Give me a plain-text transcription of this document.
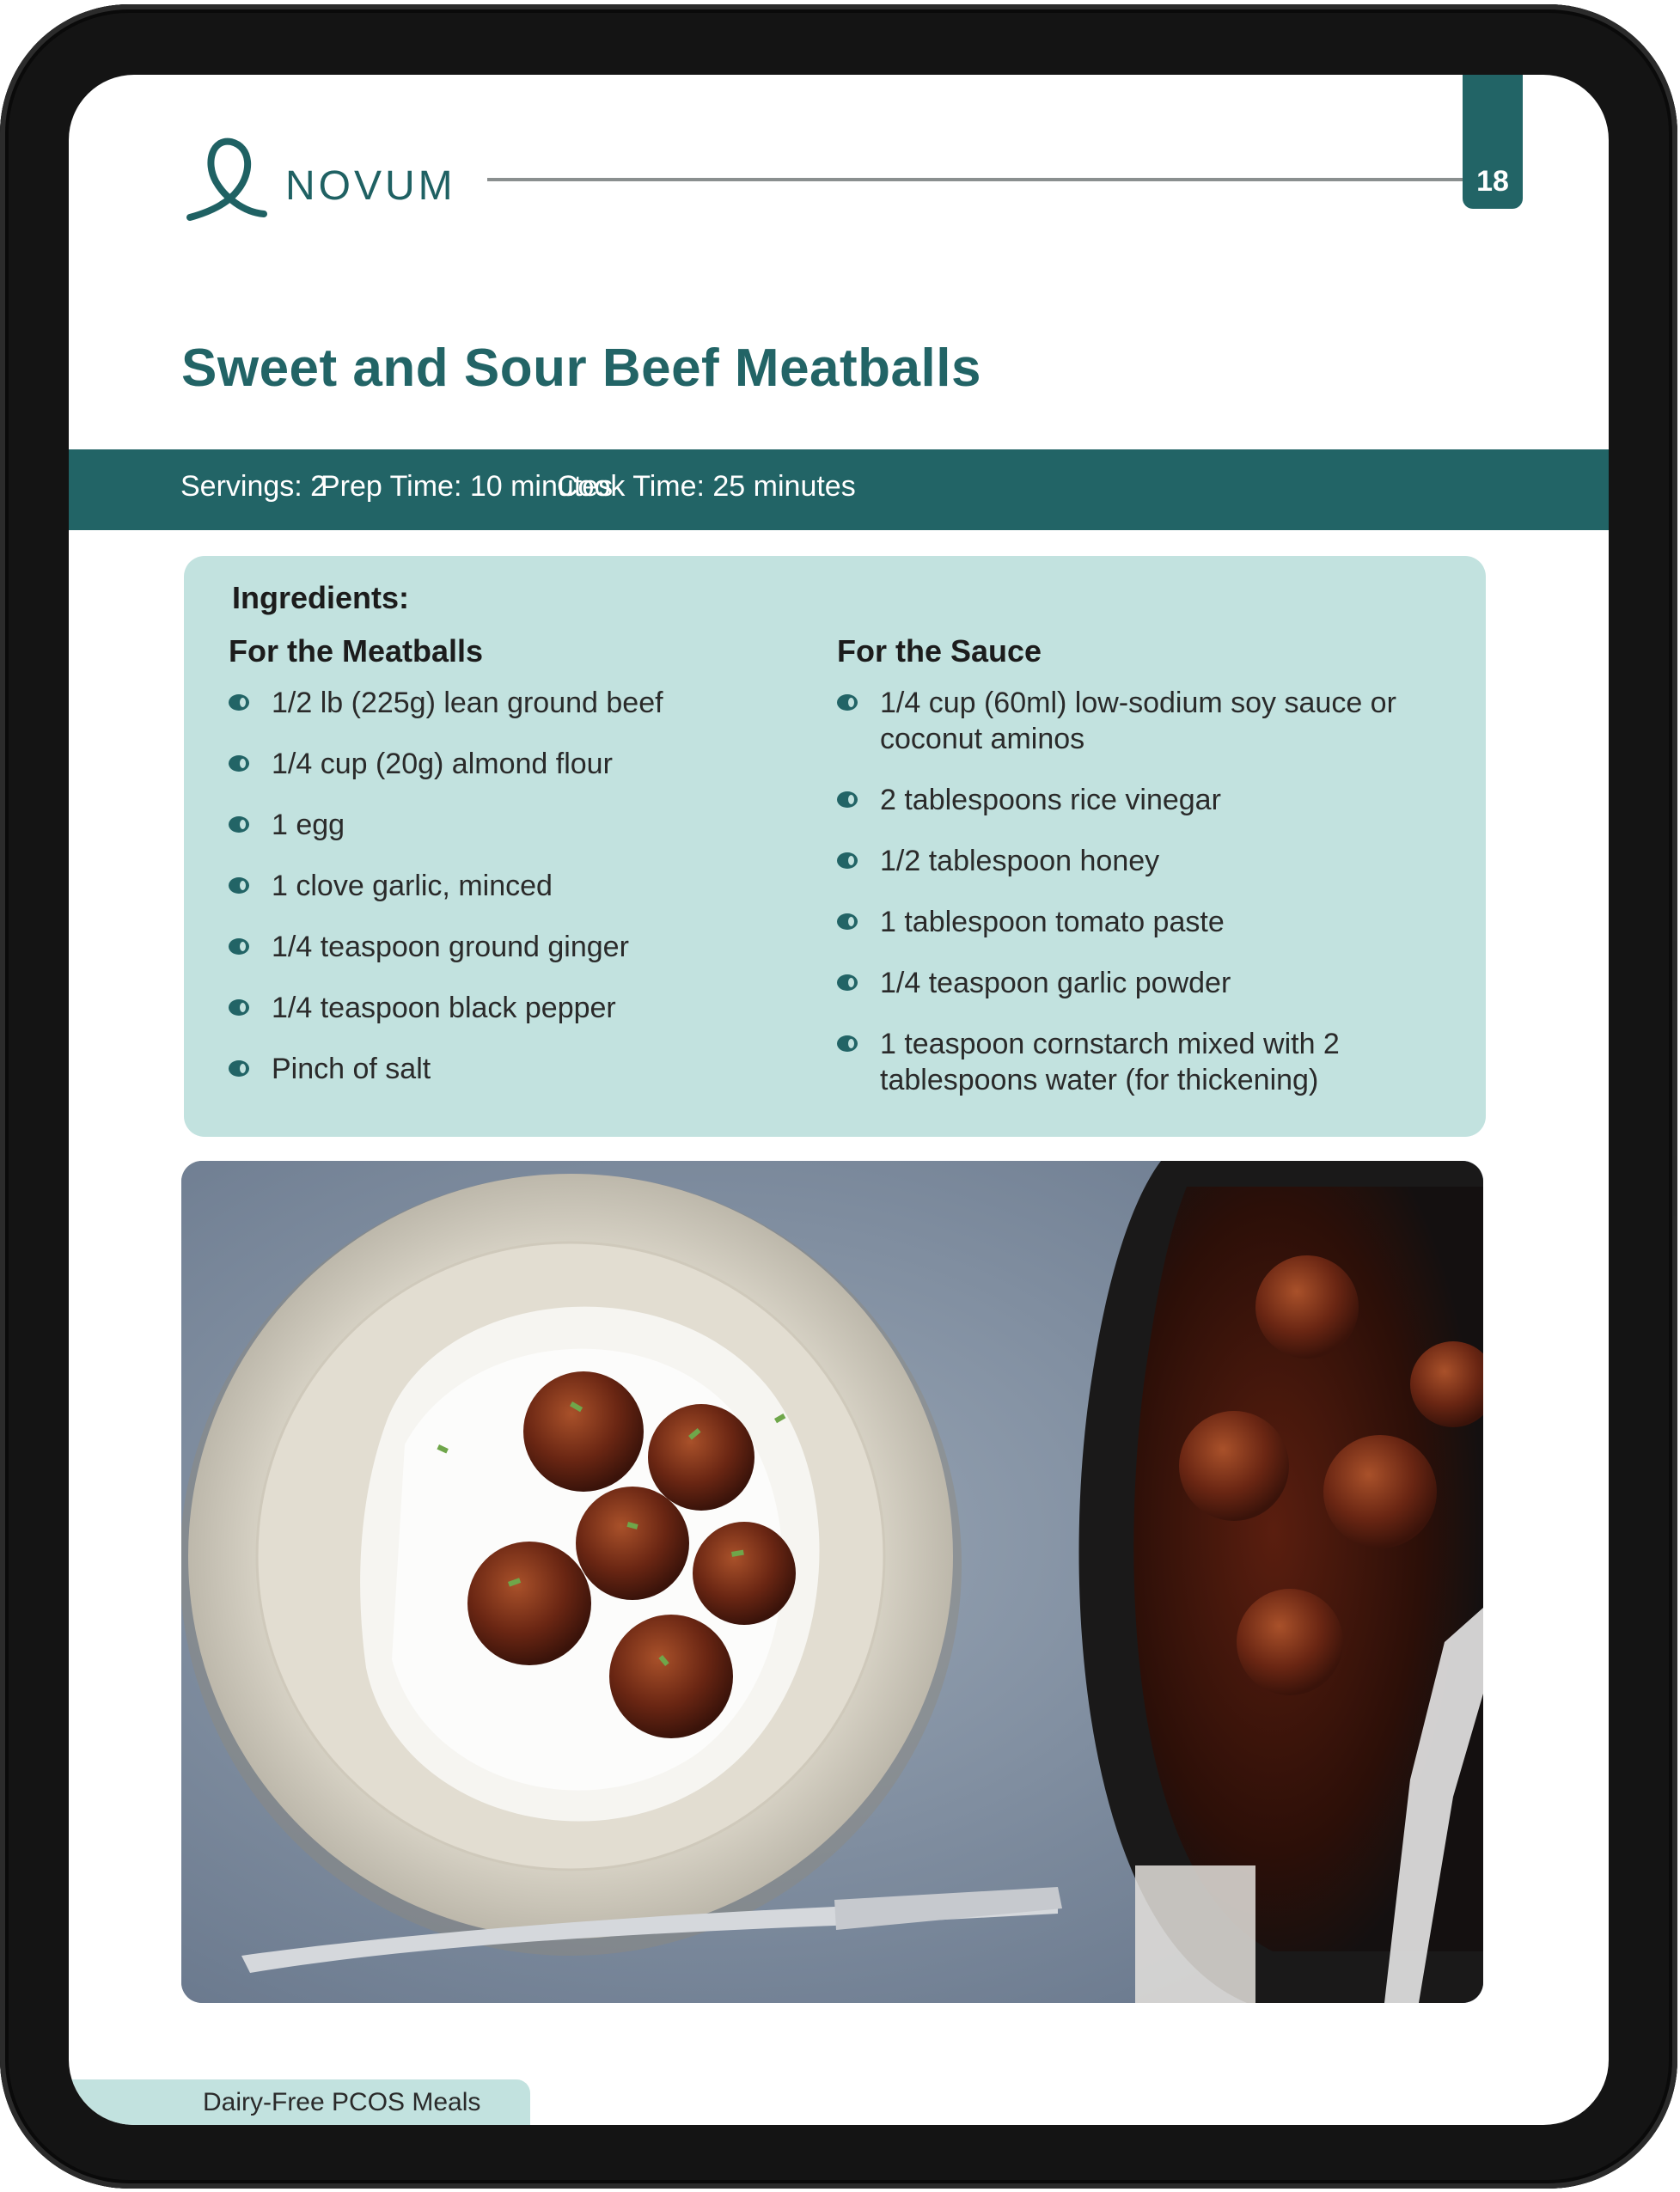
NOVUM	18
Sweet and Sour Beef Meatballs
Servings: 2
Prep Time: 10 minutes
Cook Time: 25 minutes
Ingredients:
For the Meatballs
1/2 lb (225g) lean ground beef
1/4 cup (20g) almond flour
1 egg
1 clove garlic, minced
1/4 teaspoon ground ginger
1/4 teaspoon black pepper
Pinch of salt
For the Sauce
1/4 cup (60ml) low-sodium soy sauce or coconut aminos
2 tablespoons rice vinegar
1/2 tablespoon honey
1 tablespoon tomato paste
1/4 teaspoon garlic powder
1 teaspoon cornstarch mixed with 2 tablespoons water (for thickening)
Dairy-Free PCOS Meals
